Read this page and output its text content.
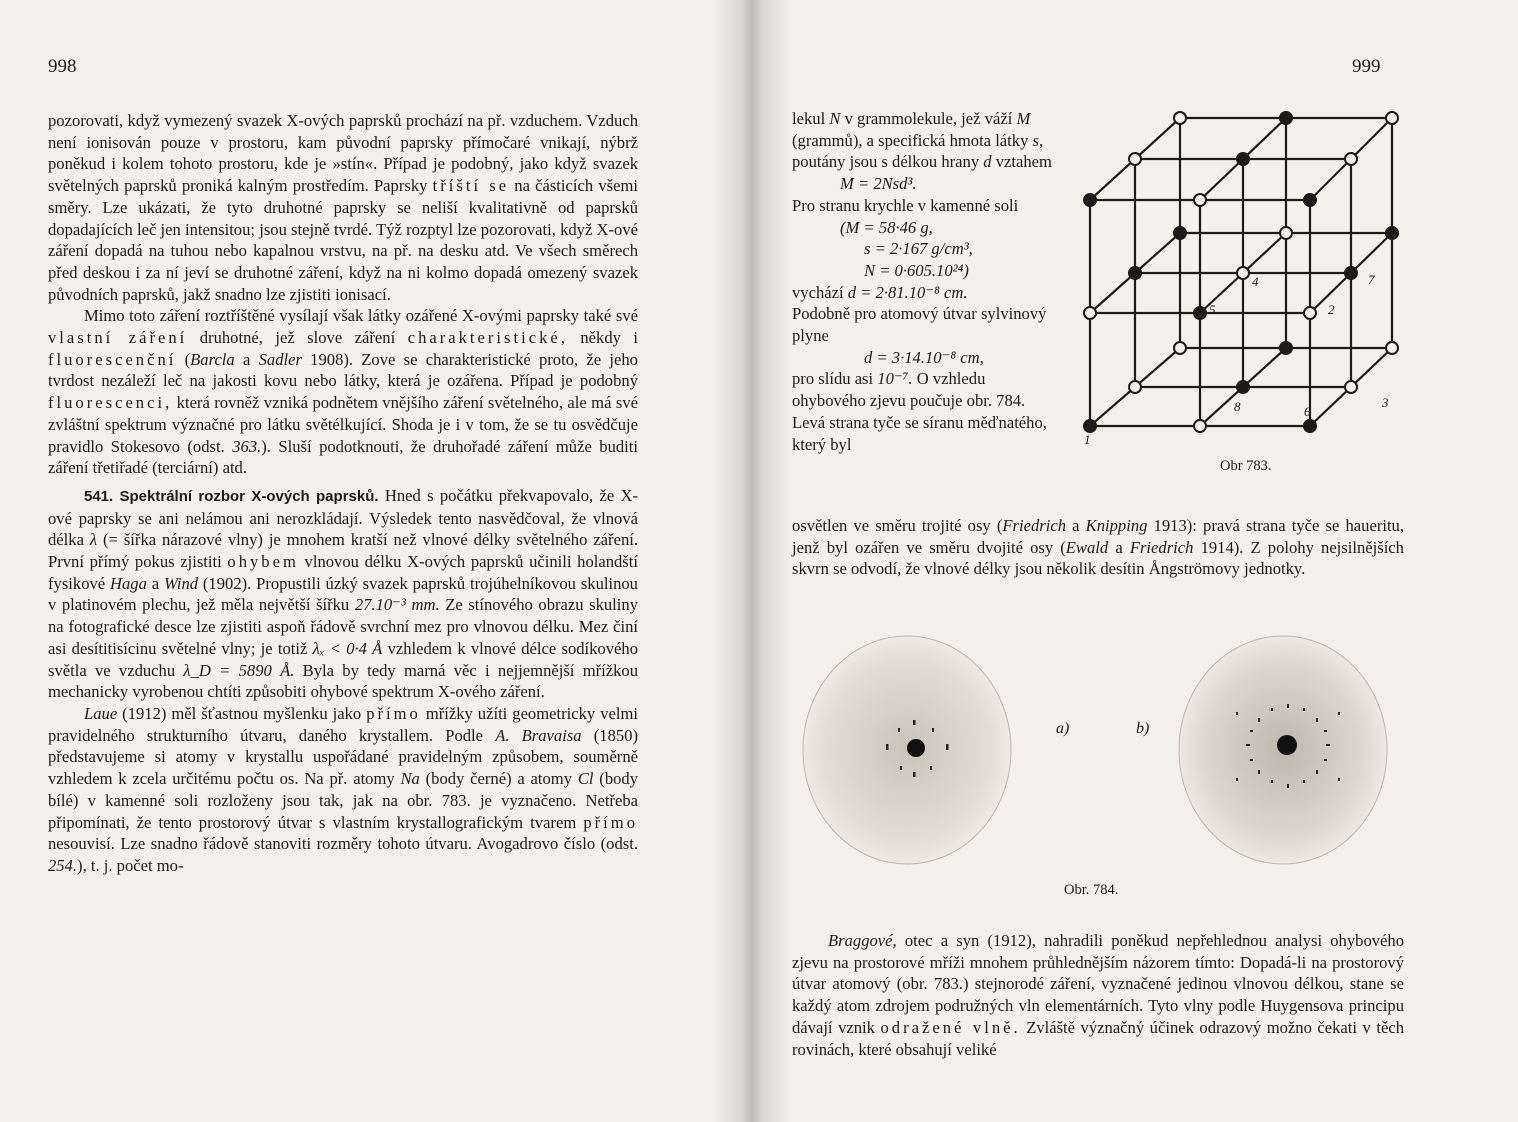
998

pozorovati, když vymezený svazek X-ových paprsků prochází na př. vzduchem. Vzduch není ionisován pouze v prostoru, kam původní paprsky přímočaré vnikají, nýbrž poněkud i kolem tohoto prostoru, kde je »stín«. Případ je podobný, jako když svazek světelných paprsků proniká kalným prostředím. Paprsky tříští se na částicích všemi směry. Lze ukázati, že tyto druhotné paprsky se neliší kvalitativně od paprsků dopadajících leč jen intensitou; jsou stejně tvrdé. Týž rozptyl lze pozorovati, když X-ové záření dopadá na tuhou nebo kapalnou vrstvu, na př. na desku atd. Ve všech směrech před deskou i za ní jeví se druhotné záření, když na ni kolmo dopadá omezený svazek původních paprsků, jakž snadno lze zjistiti ionisací.

Mimo toto záření roztříštěné vysílají však látky ozářené X-ovými paprsky také své vlastní záření druhotné, jež slove záření charakteristické, někdy i fluorescenční (Barcla a Sadler 1908). Zove se charakteristické proto, že jeho tvrdost nezáleží leč na jakosti kovu nebo látky, která je ozářena. Případ je podobný fluorescenci, která rovněž vzniká podnětem vnějšího záření světelného, ale má své zvláštní spektrum význačné pro látku světélkující. Shoda je i v tom, že se tu osvědčuje pravidlo Stokesovo (odst. 363.). Sluší podotknouti, že druhořadé záření může buditi záření třetiřadé (terciární) atd.

541. Spektrální rozbor X-ových paprsků. Hned s počátku překvapovalo, že X-ové paprsky se ani nelámou ani nerozkládají. Výsledek tento nasvědčoval, že vlnová délka λ (= šířka nárazové vlny) je mnohem kratší než vlnové délky světelného záření. První přímý pokus zjistiti ohybem vlnovou délku X-ových paprsků učinili holandští fysikové Haga a Wind (1902). Propustili úzký svazek paprsků trojúhelníkovou skulinou v platinovém plechu, jež měla největší šířku 27.10⁻³ mm. Ze stínového obrazu skuliny na fotografické desce lze zjistiti aspoň řádově svrchní mez pro vlnovou délku. Mez činí asi desítitisícinu světelné vlny; je totiž λₓ < 0·4 Å vzhledem k vlnové délce sodíkového světla ve vzduchu λ_D = 5890 Å. Byla by tedy marná věc i nejjemnější mřížkou mechanicky vyrobenou chtíti způsobiti ohybové spektrum X-ového záření.

Laue (1912) měl šťastnou myšlenku jako přímo mřížky užíti geometricky velmi pravidelného strukturního útvaru, daného krystallem. Podle A. Bravaisa (1850) představujeme si atomy v krystallu uspořádané pravidelným způsobem, souměrně vzhledem k zcela určitému počtu os. Na př. atomy Na (body černé) a atomy Cl (body bílé) v kamenné soli rozloženy jsou tak, jak na obr. 783. je vyznačeno. Netřeba připomínati, že tento prostorový útvar s vlastním krystallografickým tvarem přímo nesouvisí. Lze snadno řádově stanoviti rozměry tohoto útvaru. Avogadrovo číslo (odst. 254.), t. j. počet mo-

999
lekul N v grammolekule, jež váží M (grammů), a specifická hmota látky s, poutány jsou s délkou hrany d vztahem
M = 2Nsd³.
Pro stranu krychle v kamenné soli
(M = 58·46 g,
s = 2·167 g/cm³,
N = 0·605.10²⁴)
vychází d = 2·81.10⁻⁸ cm.
Podobně pro atomový útvar sylvinový plyne
d = 3·14.10⁻⁸ cm,
pro slídu asi 10⁻⁷. O vzhledu ohybového zjevu poučuje obr. 784. Levá strana tyče se síranu měďnatého, který byl
4	7
5	2
8	6
3
1
Obr 783.
osvětlen ve směru trojité osy (Friedrich a Knipping 1913): pravá strana tyče se haueritu, jenž byl ozářen ve směru dvojité osy (Ewald a Friedrich 1914). Z polohy nejsilnějších skvrn se odvodí, že vlnové délky jsou několik desítin Ångströmovy jednotky.
a)	b)
Obr. 784.
Braggové, otec a syn (1912), nahradili poněkud nepřehlednou analysi ohybového zjevu na prostorové mříži mnohem průhlednějším názorem tímto: Dopadá-li na prostorový útvar atomový (obr. 783.) stejnorodé záření, vyznačené jedinou vlnovou délkou, stane se každý atom zdrojem podružných vln elementárních. Tyto vlny podle Huygensova principu dávají vznik odražené vlně. Zvláště význačný účinek odrazový možno čekati v těch rovinách, které obsahují veliké
